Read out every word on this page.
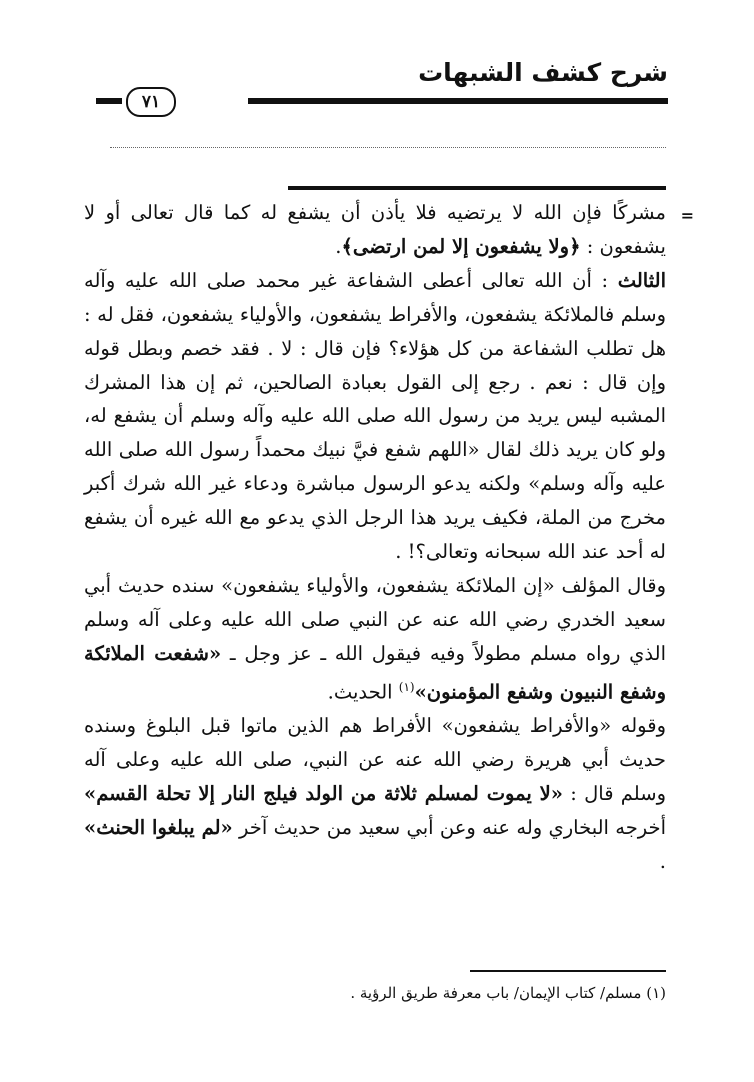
شرح كشف الشبهات
٧١
=

مشركًا فإن الله لا يرتضيه فلا يأذن أن يشفع له كما قال تعالى أو لا يشفعون : ﴿ولا يشفعون إلا لمن ارتضى﴾.

الثالث : أن الله تعالى أعطى الشفاعة غير محمد صلى الله عليه وآله وسلم فالملائكة يشفعون، والأفراط يشفعون، والأولياء يشفعون، فقل له : هل تطلب الشفاعة من كل هؤلاء؟ فإن قال : لا . فقد خصم وبطل قوله وإن قال : نعم . رجع إلى القول بعبادة الصالحين، ثم إن هذا المشرك المشبه ليس يريد من رسول الله صلى الله عليه وآله وسلم أن يشفع له، ولو كان يريد ذلك لقال «اللهم شفع فيَّ نبيك محمداً رسول الله صلى الله عليه وآله وسلم» ولكنه يدعو الرسول مباشرة ودعاء غير الله شرك أكبر مخرج من الملة، فكيف يريد هذا الرجل الذي يدعو مع الله غيره أن يشفع له أحد عند الله سبحانه وتعالى؟! .

وقال المؤلف «إن الملائكة يشفعون، والأولياء يشفعون» سنده حديث أبي سعيد الخدري رضي الله عنه عن النبي صلى الله عليه وعلى آله وسلم الذي رواه مسلم مطولاً وفيه فيقول الله ـ عز وجل ـ «شفعت الملائكة وشفع النبيون وشفع المؤمنون»$^{(١)}$ الحديث.

وقوله «والأفراط يشفعون» الأفراط هم الذين ماتوا قبل البلوغ وسنده حديث أبي هريرة رضي الله عنه عن النبي، صلى الله عليه وعلى آله وسلم قال : «لا يموت لمسلم ثلاثة من الولد فيلج النار إلا تحلة القسم» أخرجه البخاري وله عنه وعن أبي سعيد من حديث آخر «لم يبلغوا الحنث» .

(١) مسلم/ كتاب الإيمان/ باب معرفة طريق الرؤية .
